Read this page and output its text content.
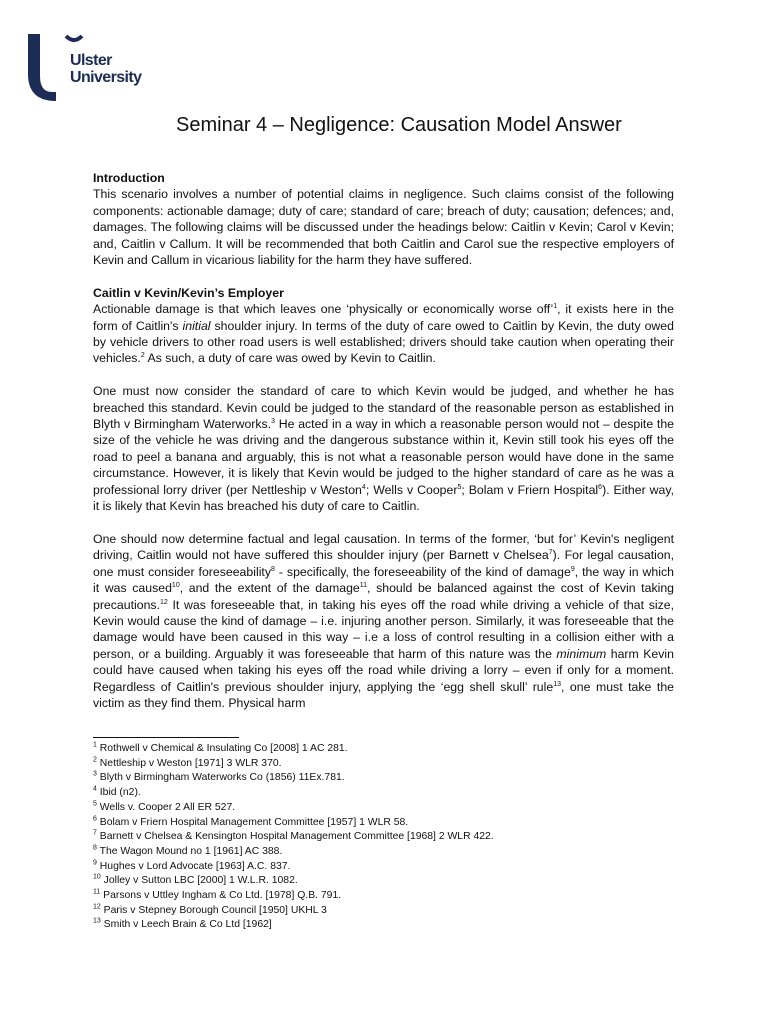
Ulster
University
Seminar 4 – Negligence: Causation Model Answer
Introduction

This scenario involves a number of potential claims in negligence. Such claims consist of the following components: actionable damage; duty of care; standard of care; breach of duty; causation; defences; and, damages. The following claims will be discussed under the headings below: Caitlin v Kevin; Carol v Kevin; and, Caitlin v Callum. It will be recommended that both Caitlin and Carol sue the respective employers of Kevin and Callum in vicarious liability for the harm they have suffered.

Caitlin v Kevin/Kevin’s Employer

Actionable damage is that which leaves one ‘physically or economically worse off’$^1$, it exists here in the form of Caitlin's initial shoulder injury. In terms of the duty of care owed to Caitlin by Kevin, the duty owed by vehicle drivers to other road users is well established; drivers should take caution when operating their vehicles.$^2$ As such, a duty of care was owed by Kevin to Caitlin.

One must now consider the standard of care to which Kevin would be judged, and whether he has breached this standard. Kevin could be judged to the standard of the reasonable person as established in Blyth v Birmingham Waterworks.$^3$ He acted in a way in which a reasonable person would not – despite the size of the vehicle he was driving and the dangerous substance within it, Kevin still took his eyes off the road to peel a banana and arguably, this is not what a reasonable person would have done in the same circumstance. However, it is likely that Kevin would be judged to the higher standard of care as he was a professional lorry driver (per Nettleship v Weston$^4$; Wells v Cooper$^5$; Bolam v Friern Hospital$^6$). Either way, it is likely that Kevin has breached his duty of care to Caitlin.

One should now determine factual and legal causation. In terms of the former, ‘but for’ Kevin's negligent driving, Caitlin would not have suffered this shoulder injury (per Barnett v Chelsea$^7$). For legal causation, one must consider foreseeability$^8$ - specifically, the foreseeability of the kind of damage$^9$, the way in which it was caused$^{10}$, and the extent of the damage$^{11}$, should be balanced against the cost of Kevin taking precautions.$^{12}$ It was foreseeable that, in taking his eyes off the road while driving a vehicle of that size, Kevin would cause the kind of damage – i.e. injuring another person. Similarly, it was foreseeable that the damage would have been caused in this way – i.e a loss of control resulting in a collision either with a person, or a building. Arguably it was foreseeable that harm of this nature was the minimum harm Kevin could have caused when taking his eyes off the road while driving a lorry – even if only for a moment. Regardless of Caitlin's previous shoulder injury, applying the ‘egg shell skull’ rule$^{13}$, one must take the victim as they find them. Physical harm

$^1$ Rothwell v Chemical & Insulating Co [2008] 1 AC 281.
$^2$ Nettleship v Weston [1971] 3 WLR 370.
$^3$ Blyth v Birmingham Waterworks Co (1856) 11Ex.781.
$^4$ Ibid (n2).
$^5$ Wells v. Cooper 2 All ER 527.
$^6$ Bolam v Friern Hospital Management Committee [1957] 1 WLR 58.
$^7$ Barnett v Chelsea & Kensington Hospital Management Committee [1968] 2 WLR 422.
$^8$ The Wagon Mound no 1 [1961] AC 388.
$^9$ Hughes v Lord Advocate [1963] A.C. 837.
$^{10}$ Jolley v Sutton LBC [2000] 1 W.L.R. 1082.
$^{11}$ Parsons v Uttley Ingham & Co Ltd. [1978] Q.B. 791.
$^{12}$ Paris v Stepney Borough Council [1950] UKHL 3
$^{13}$ Smith v Leech Brain & Co Ltd [1962]
